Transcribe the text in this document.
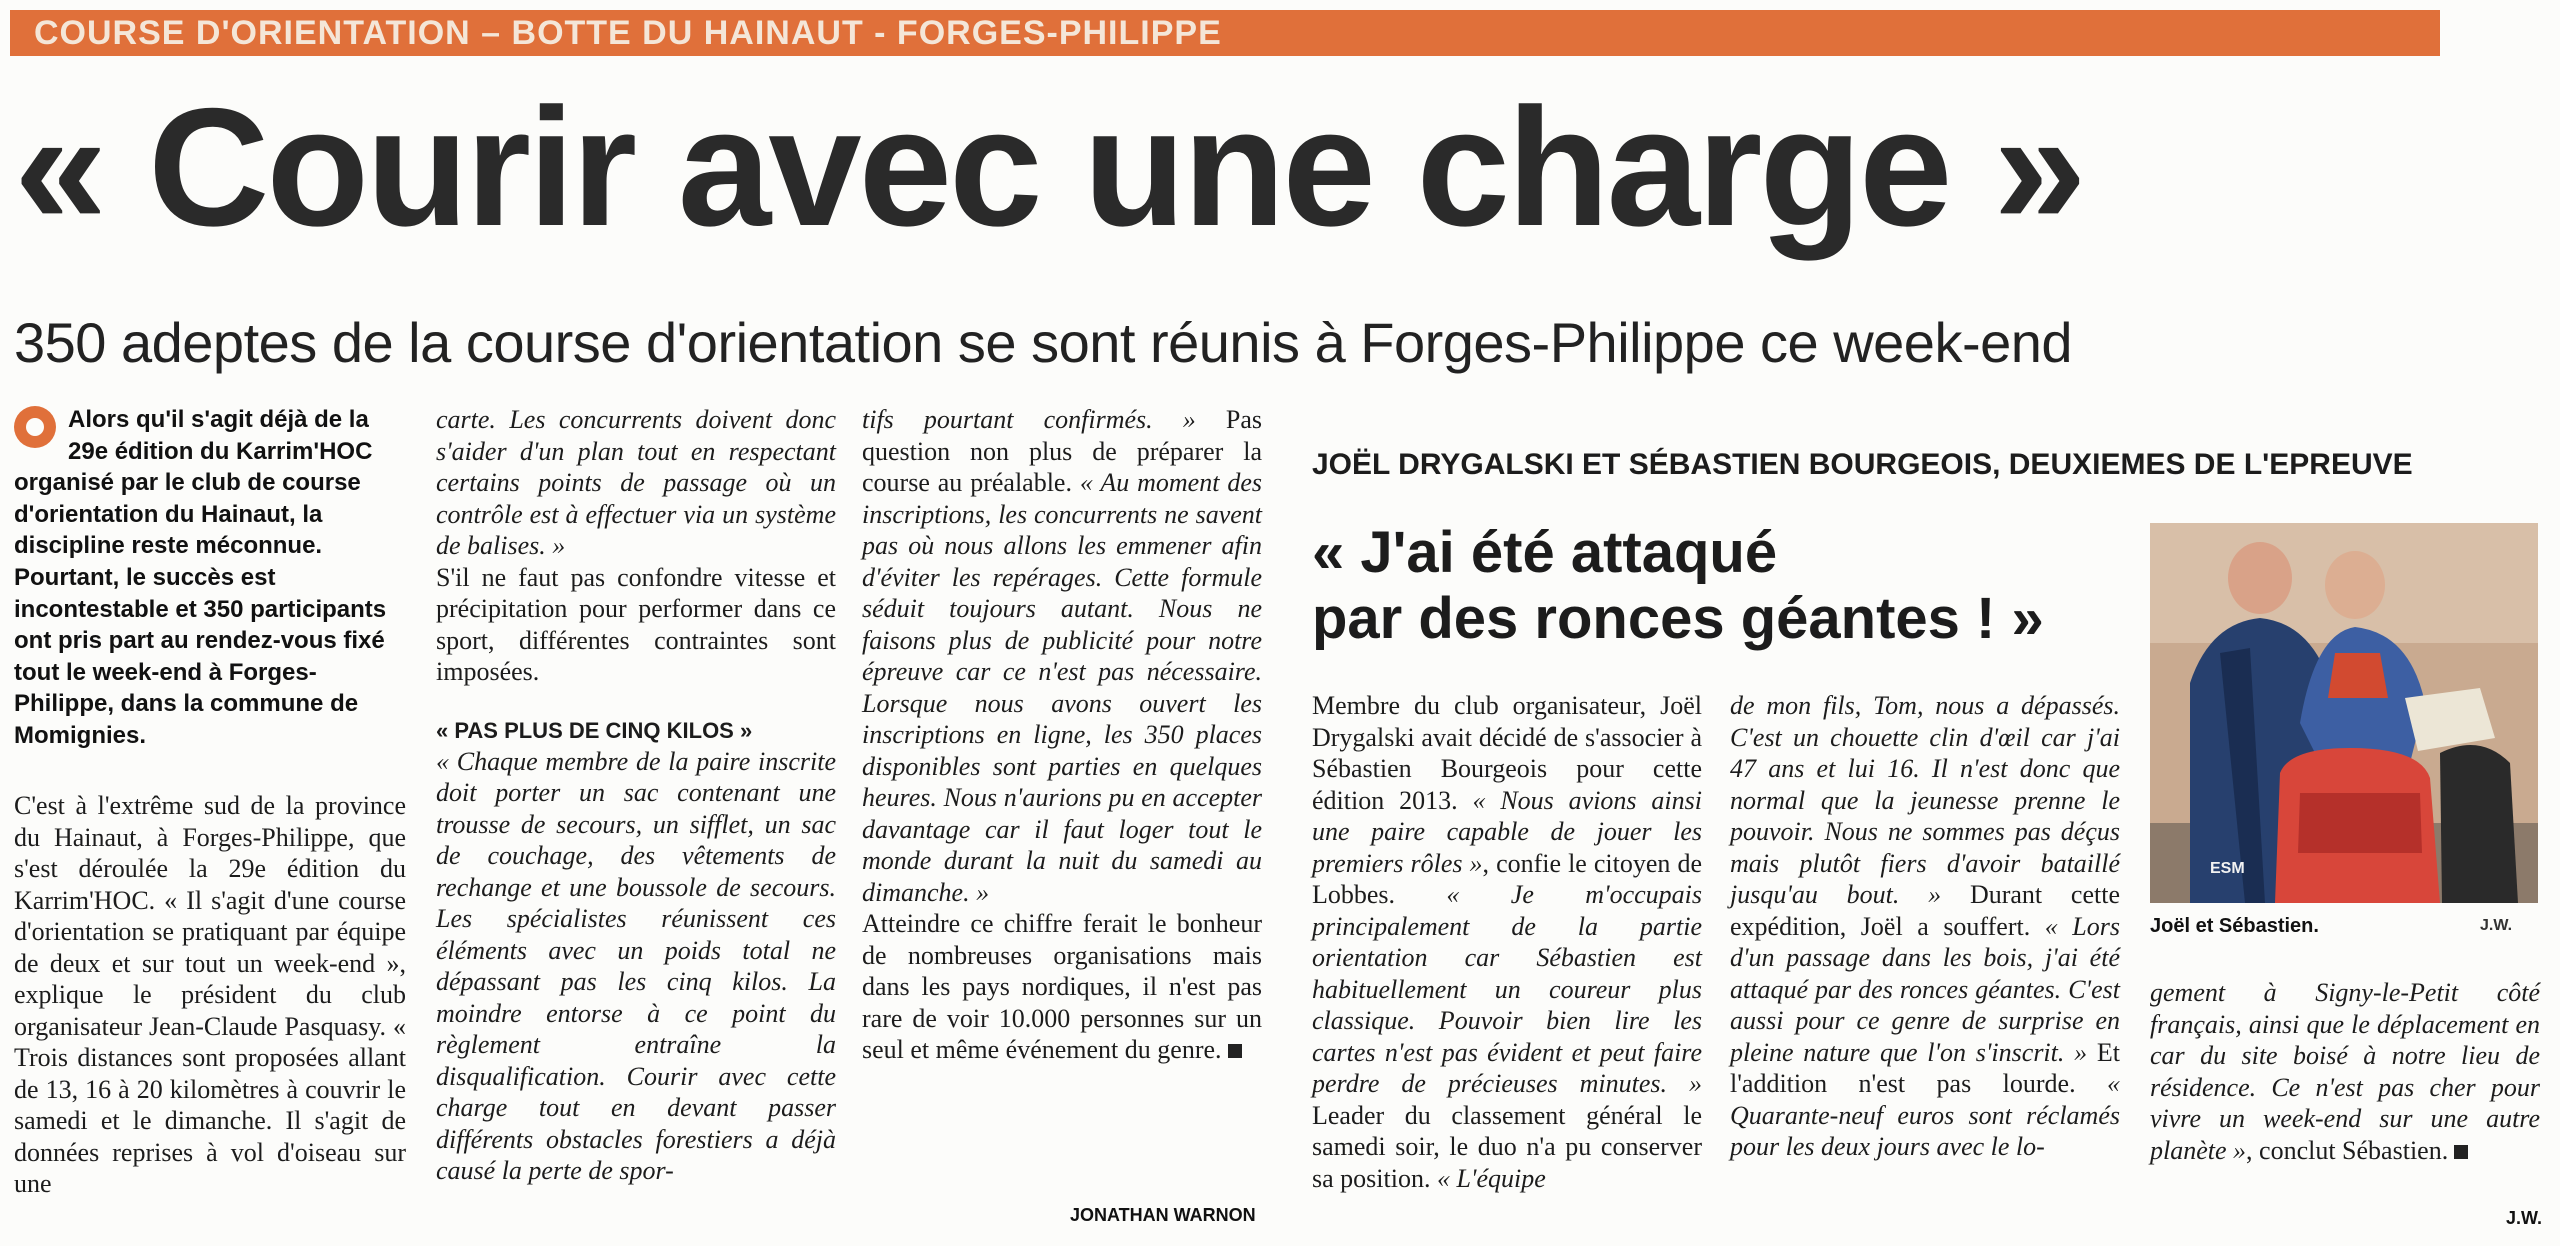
COURSE D'ORIENTATION – BOTTE DU HAINAUT - FORGES-PHILIPPE
« Courir avec une charge »
350 adeptes de la course d'orientation se sont réunis à Forges-Philippe ce week-end
Alors qu'il s'agit déjà de la 29e édition du Karrim'HOC organisé par le club de course d'orientation du Hainaut, la discipline reste méconnue. Pourtant, le succès est incontestable et 350 participants ont pris part au rendez-vous fixé tout le week-end à Forges-Philippe, dans la commune de Momignies.

C'est à l'extrême sud de la province du Hainaut, à Forges-Philippe, que s'est déroulée la 29e édition du Karrim'HOC. « Il s'agit d'une course d'orientation se pratiquant par équipe de deux et sur tout un week-end », explique le président du club organisateur Jean-Claude Pasquasy. « Trois distances sont proposées allant de 13, 16 à 20 kilomètres à couvrir le samedi et le dimanche. Il s'agit de données reprises à vol d'oiseau sur une

carte. Les concurrents doivent donc s'aider d'un plan tout en respectant certains points de passage où un contrôle est à effectuer via un système de balises. »

S'il ne faut pas confondre vitesse et précipitation pour performer dans ce sport, différentes contraintes sont imposées.

« PAS PLUS DE CINQ KILOS »

« Chaque membre de la paire inscrite doit porter un sac contenant une trousse de secours, un sifflet, un sac de couchage, des vêtements de rechange et une boussole de secours. Les spécialistes réunissent ces éléments avec un poids total ne dépassant pas les cinq kilos. La moindre entorse à ce point du règlement entraîne la disqualification. Courir avec cette charge tout en devant passer différents obstacles forestiers a déjà causé la perte de spor-

tifs pourtant confirmés. » Pas question non plus de préparer la course au préalable. « Au moment des inscriptions, les concurrents ne savent pas où nous allons les emmener afin d'éviter les repérages. Cette formule séduit toujours autant. Nous ne faisons plus de publicité pour notre épreuve car ce n'est pas nécessaire. Lorsque nous avons ouvert les inscriptions en ligne, les 350 places disponibles sont parties en quelques heures. Nous n'aurions pu en accepter davantage car il faut loger tout le monde durant la nuit du samedi au dimanche. »

Atteindre ce chiffre ferait le bonheur de nombreuses organisations mais dans les pays nordiques, il n'est pas rare de voir 10.000 personnes sur un seul et même événement du genre.

JONATHAN WARNON
JOËL DRYGALSKI ET SÉBASTIEN BOURGEOIS, DEUXIEMES DE L'EPREUVE
« J'ai été attaqué
par des ronces géantes ! »

Membre du club organisateur, Joël Drygalski avait décidé de s'associer à Sébastien Bourgeois pour cette édition 2013. « Nous avions ainsi une paire capable de jouer les premiers rôles », confie le citoyen de Lobbes. « Je m'occupais principalement de la partie orientation car Sébastien est habituellement un coureur plus classique. Pouvoir bien lire les cartes n'est pas évident et peut faire perdre de précieuses minutes. » Leader du classement général le samedi soir, le duo n'a pu conserver sa position. « L'équipe

de mon fils, Tom, nous a dépassés. C'est un chouette clin d'œil car j'ai 47 ans et lui 16. Il n'est donc que normal que la jeunesse prenne le pouvoir. Nous ne sommes pas déçus mais plutôt fiers d'avoir bataillé jusqu'au bout. » Durant cette expédition, Joël a souffert. « Lors d'un passage dans les bois, j'ai été attaqué par des ronces géantes. C'est aussi pour ce genre de surprise en pleine nature que l'on s'inscrit. » Et l'addition n'est pas lourde. « Quarante-neuf euros sont réclamés pour les deux jours avec le lo-

ESM
Joël et Sébastien.	J.W.

gement à Signy-le-Petit côté français, ainsi que le déplacement en car du site boisé à notre lieu de résidence. Ce n'est pas cher pour vivre un week-end sur une autre planète », conclut Sébastien.

J.W.
